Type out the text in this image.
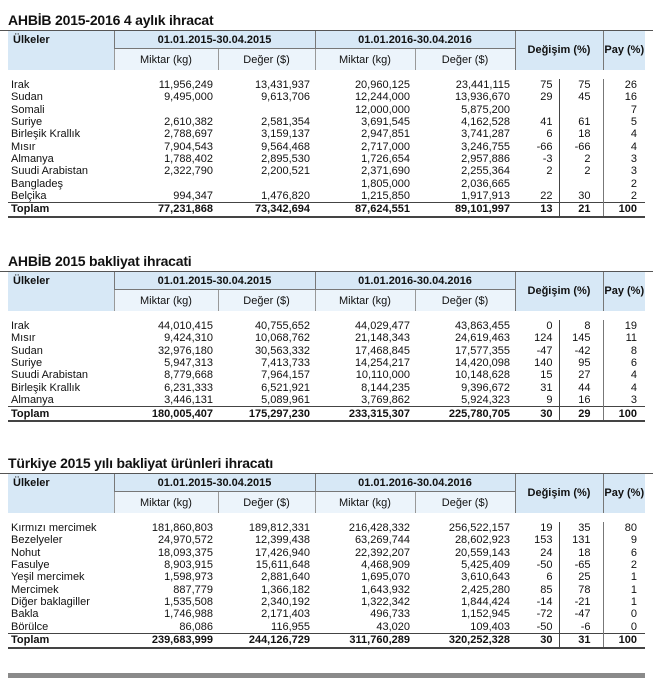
AHBİB 2015-2016 4 aylık ihracat
Ülkeler	01.01.2015-30.04.2015		01.01.2016-30.04.2016		Değişim (%)		Pay (%)
	Miktar (kg)	Değer ($)	Miktar (kg)	Değer ($)			

Irak	11,956,249	13,431,937	20,960,125	23,441,115	75	75	26
Sudan	9,495,000	9,613,706	12,244,000	13,936,670	29	45	16
Somali			12,000,000	5,875,200			7
Suriye	2,610,382	2,581,354	3,691,545	4,162,528	41	61	5
Birleşik Krallık	2,788,697	3,159,137	2,947,851	3,741,287	6	18	4
Mısır	7,904,543	9,564,468	2,717,000	3,246,755	-66	-66	4
Almanya	1,788,402	2,895,530	1,726,654	2,957,886	-3	2	3
Suudi Arabistan	2,322,790	2,200,521	2,371,690	2,255,364	2	2	3
Bangladeş			1,805,000	2,036,665			2
Belçika	994,347	1,476,820	1,215,850	1,917,913	22	30	2
Toplam	77,231,868	73,342,694	87,624,551	89,101,997	13	21	100
AHBİB 2015 bakliyat ihracati
Ülkeler	01.01.2015-30.04.2015		01.01.2016-30.04.2016		Değişim (%)		Pay (%)
	Miktar (kg)	Değer ($)	Miktar (kg)	Değer ($)			

Irak	44,010,415	40,755,652	44,029,477	43,863,455	0	8	19
Mısır	9,424,310	10,068,762	21,148,343	24,619,463	124	145	11
Sudan	32,976,180	30,563,332	17,468,845	17,577,355	-47	-42	8
Suriye	5,947,313	7,413,733	14,254,217	14,420,098	140	95	6
Suudi Arabistan	8,779,668	7,964,157	10,110,000	10,148,628	15	27	4
Birleşik Krallık	6,231,333	6,521,921	8,144,235	9,396,672	31	44	4
Almanya	3,446,131	5,089,961	3,769,862	5,924,323	9	16	3
Toplam	180,005,407	175,297,230	233,315,307	225,780,705	30	29	100
Türkiye 2015 yılı bakliyat ürünleri ihracatı
Ülkeler	01.01.2015-30.04.2015		01.01.2016-30.04.2016		Değişim (%)		Pay (%)
	Miktar (kg)	Değer ($)	Miktar (kg)	Değer ($)			

Kırmızı mercimek	181,860,803	189,812,331	216,428,332	256,522,157	19	35	80
Bezelyeler	24,970,572	12,399,438	63,269,744	28,602,923	153	131	9
Nohut	18,093,375	17,426,940	22,392,207	20,559,143	24	18	6
Fasulye	8,903,915	15,611,648	4,468,909	5,425,409	-50	-65	2
Yeşil mercimek	1,598,973	2,881,640	1,695,070	3,610,643	6	25	1
Mercimek	887,779	1,366,182	1,643,932	2,425,280	85	78	1
Diğer baklagiller	1,535,508	2,340,192	1,322,342	1,844,424	-14	-21	1
Bakla	1,746,988	2,171,403	496,733	1,152,945	-72	-47	0
Börülce	86,086	116,955	43,020	109,403	-50	-6	0
Toplam	239,683,999	244,126,729	311,760,289	320,252,328	30	31	100
